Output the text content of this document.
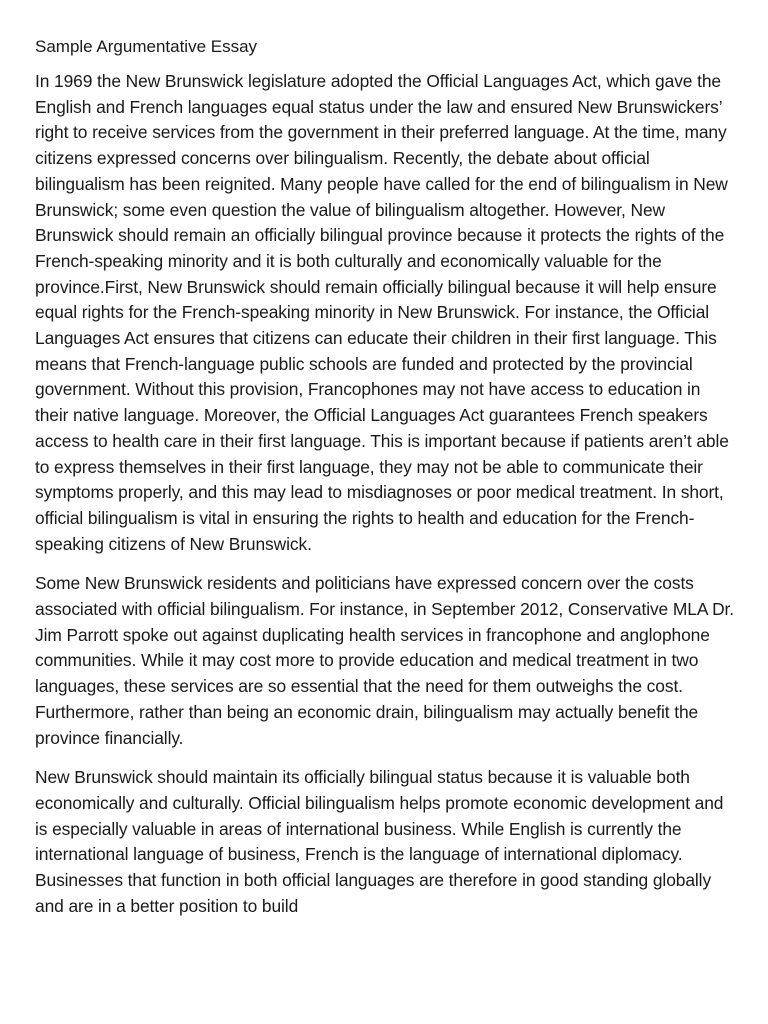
Sample Argumentative Essay

In 1969 the New Brunswick legislature adopted the Official Languages Act, which gave the English and French languages equal status under the law and ensured New Brunswickers’ right to receive services from the government in their preferred language. At the time, many citizens expressed concerns over bilingualism. Recently, the debate about official bilingualism has been reignited. Many people have called for the end of bilingualism in New Brunswick; some even question the value of bilingualism altogether. However, New Brunswick should remain an officially bilingual province because it protects the rights of the French-speaking minority and it is both culturally and economically valuable for the province.First, New Brunswick should remain officially bilingual because it will help ensure equal rights for the French-speaking minority in New Brunswick. For instance, the Official Languages Act ensures that citizens can educate their children in their first language. This means that French-language public schools are funded and protected by the provincial government. Without this provision, Francophones may not have access to education in their native language. Moreover, the Official Languages Act guarantees French speakers access to health care in their first language. This is important because if patients aren’t able to express themselves in their first language, they may not be able to communicate their symptoms properly, and this may lead to misdiagnoses or poor medical treatment. In short, official bilingualism is vital in ensuring the rights to health and education for the French-speaking citizens of New Brunswick.

Some New Brunswick residents and politicians have expressed concern over the costs associated with official bilingualism. For instance, in September 2012, Conservative MLA Dr. Jim Parrott spoke out against duplicating health services in francophone and anglophone communities. While it may cost more to provide education and medical treatment in two languages, these services are so essential that the need for them outweighs the cost. Furthermore, rather than being an economic drain, bilingualism may actually benefit the province financially.

New Brunswick should maintain its officially bilingual status because it is valuable both economically and culturally. Official bilingualism helps promote economic development and is especially valuable in areas of international business. While English is currently the international language of business, French is the language of international diplomacy. Businesses that function in both official languages are therefore in good standing globally and are in a better position to build
